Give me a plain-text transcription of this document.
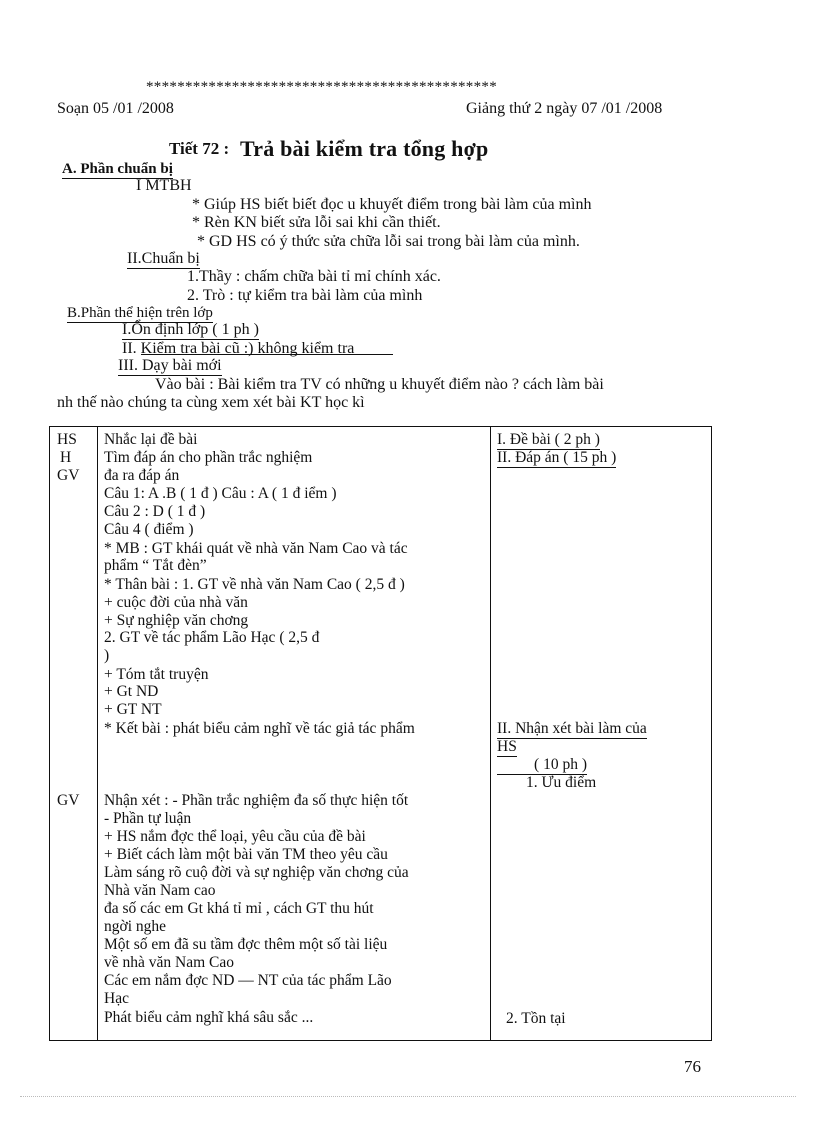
*********************************************
Soạn 05 /01 /2008	Giảng thứ 2 ngày 07 /01 /2008
Tiết 72 : Trả bài kiểm tra tổng hợp
A. Phần chuẩn bị
I MTBH
* Giúp HS biết biết đọc u khuyết điểm trong bài làm của mình
* Rèn KN biết sửa lỗi sai khi cần thiết.
* GD HS có ý thức sửa chữa lỗi sai trong bài làm của mình.
II.Chuẩn bị
1.Thầy : chấm chữa bài tỉ mỉ chính xác.
2. Trò : tự kiểm tra bài làm của mình
B.Phần thể hiện trên lớp
I.Ổn định lớp ( 1 ph )
II. Kiểm tra bài cũ :) không kiểm tra
III. Dạy bài mới
Vào bài : Bài kiểm tra TV có những u khuyết điểm nào ? cách làm bài
nh thế nào chúng ta cùng xem xét bài KT học kì
HS
H
GV
GV
Nhắc lại đề bài
Tìm đáp án cho phần trắc nghiệm
đa ra đáp án
Câu 1: A .B ( 1 đ ) Câu : A ( 1 đ iểm )
Câu 2 : D ( 1 đ )
Câu 4 ( điểm )
* MB : GT khái quát về nhà văn Nam Cao và tác
phẩm “ Tắt đèn”
* Thân bài : 1. GT về nhà văn Nam Cao ( 2,5 đ )
+ cuộc đời của nhà văn
+ Sự nghiệp văn chơng
2. GT về tác phẩm Lão Hạc ( 2,5 đ
)
+ Tóm tắt truyện
+ Gt ND
+ GT NT
* Kết bài : phát biểu cảm nghĩ về tác giả tác phẩm
Nhận xét : - Phần trắc nghiệm đa số thực hiện tốt
- Phần tự luận
+ HS nắm đợc thể loại, yêu cầu của đề bài
+ Biết cách làm một bài văn TM theo yêu cầu
Làm sáng rõ cuộ đời và sự nghiệp văn chơng của
Nhà văn Nam cao
đa số các em Gt khá tỉ mỉ , cách GT thu hút
ngời nghe
Một số em đã su tầm đợc thêm một số tài liệu
về nhà văn Nam Cao
Các em nắm đợc ND — NT của tác phẩm Lão
Hạc
Phát biểu cảm nghĩ khá sâu sắc ...
I. Đề bài ( 2 ph )
II. Đáp án ( 15 ph )
II. Nhận xét bài làm của
HS
( 10 ph )
1. Ưu điểm
2. Tồn tại
76
